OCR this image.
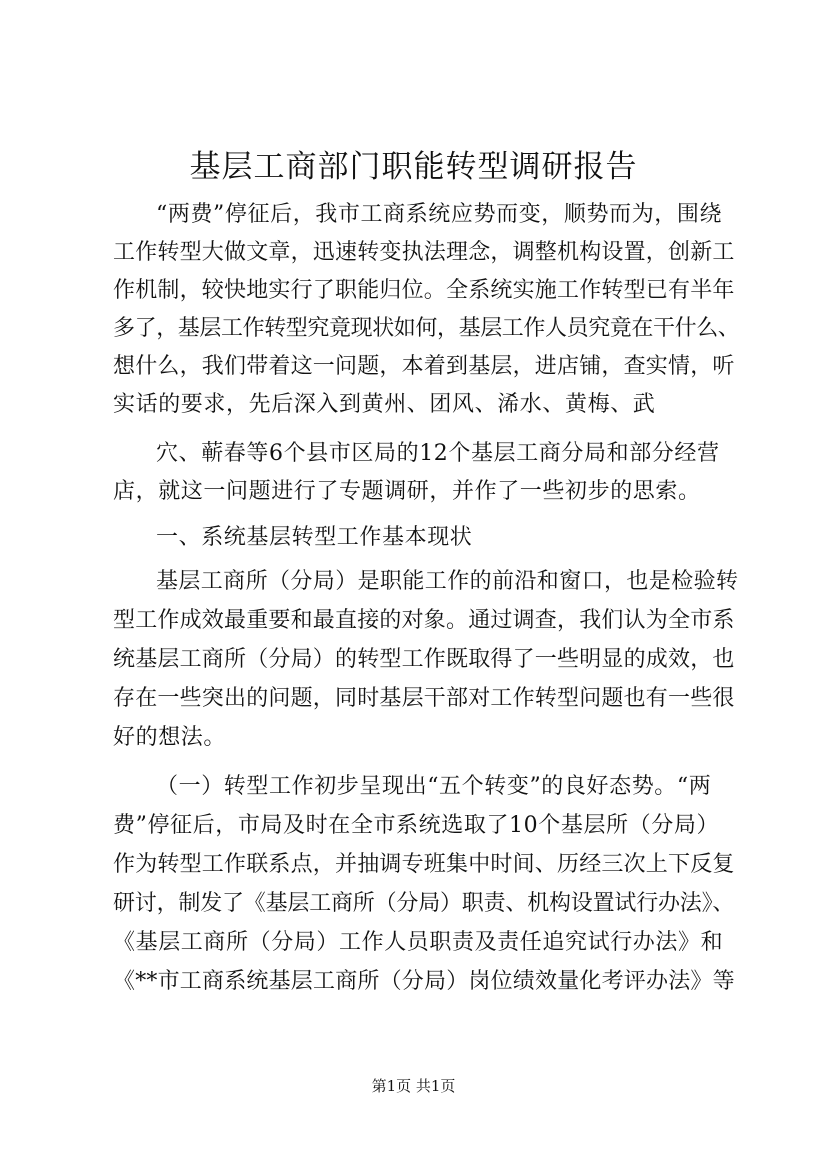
基层工商部门职能转型调研报告
“两费”停征后，我市工商系统应势而变，顺势而为，围绕
工作转型大做文章，迅速转变执法理念，调整机构设置，创新工
作机制，较快地实行了职能归位。全系统实施工作转型已有半年
多了，基层工作转型究竟现状如何，基层工作人员究竟在干什么、
想什么，我们带着这一问题，本着到基层，进店铺，查实情，听
实话的要求，先后深入到黄州、团风、浠水、黄梅、武
穴、蕲春等6个县市区局的12个基层工商分局和部分经营
店，就这一问题进行了专题调研，并作了一些初步的思索。
一、系统基层转型工作基本现状
基层工商所（分局）是职能工作的前沿和窗口，也是检验转
型工作成效最重要和最直接的对象。通过调查，我们认为全市系
统基层工商所（分局）的转型工作既取得了一些明显的成效，也
存在一些突出的问题，同时基层干部对工作转型问题也有一些很
好的想法。
（一）转型工作初步呈现出“五个转变”的良好态势。“两
费”停征后，市局及时在全市系统选取了10个基层所（分局）
作为转型工作联系点，并抽调专班集中时间、历经三次上下反复
研讨，制发了《基层工商所（分局）职责、机构设置试行办法》、
《基层工商所（分局）工作人员职责及责任追究试行办法》和
《**市工商系统基层工商所（分局）岗位绩效量化考评办法》等
第1页 共1页
